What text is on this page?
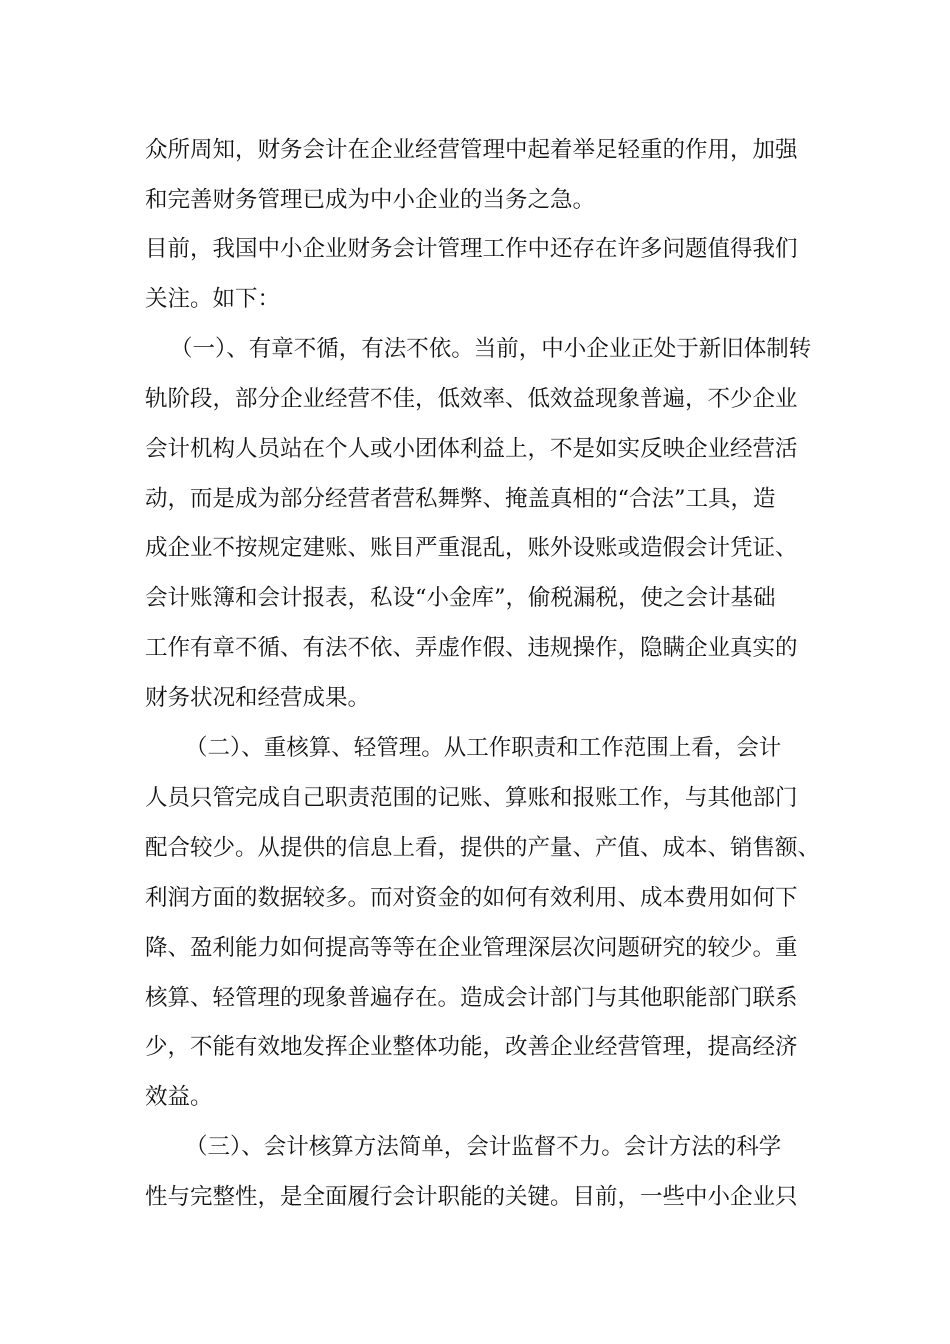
众所周知，财务会计在企业经营管理中起着举足轻重的作用，加强

和完善财务管理已成为中小企业的当务之急。

目前，我国中小企业财务会计管理工作中还存在许多问题值得我们

关注。如下：

（一）、有章不循，有法不依。当前，中小企业正处于新旧体制转

轨阶段，部分企业经营不佳，低效率、低效益现象普遍，不少企业

会计机构人员站在个人或小团体利益上，不是如实反映企业经营活

动，而是成为部分经营者营私舞弊、掩盖真相的“合法”工具，造

成企业不按规定建账、账目严重混乱，账外设账或造假会计凭证、

会计账簿和会计报表，私设“小金库”，偷税漏税，使之会计基础

工作有章不循、有法不依、弄虚作假、违规操作，隐瞒企业真实的

财务状况和经营成果。

（二）、重核算、轻管理。从工作职责和工作范围上看，会计

人员只管完成自己职责范围的记账、算账和报账工作，与其他部门

配合较少。从提供的信息上看，提供的产量、产值、成本、销售额、

利润方面的数据较多。而对资金的如何有效利用、成本费用如何下

降、盈利能力如何提高等等在企业管理深层次问题研究的较少。重

核算、轻管理的现象普遍存在。造成会计部门与其他职能部门联系

少，不能有效地发挥企业整体功能，改善企业经营管理，提高经济

效益。

（三）、会计核算方法简单，会计监督不力。会计方法的科学

性与完整性，是全面履行会计职能的关键。目前，一些中小企业只
